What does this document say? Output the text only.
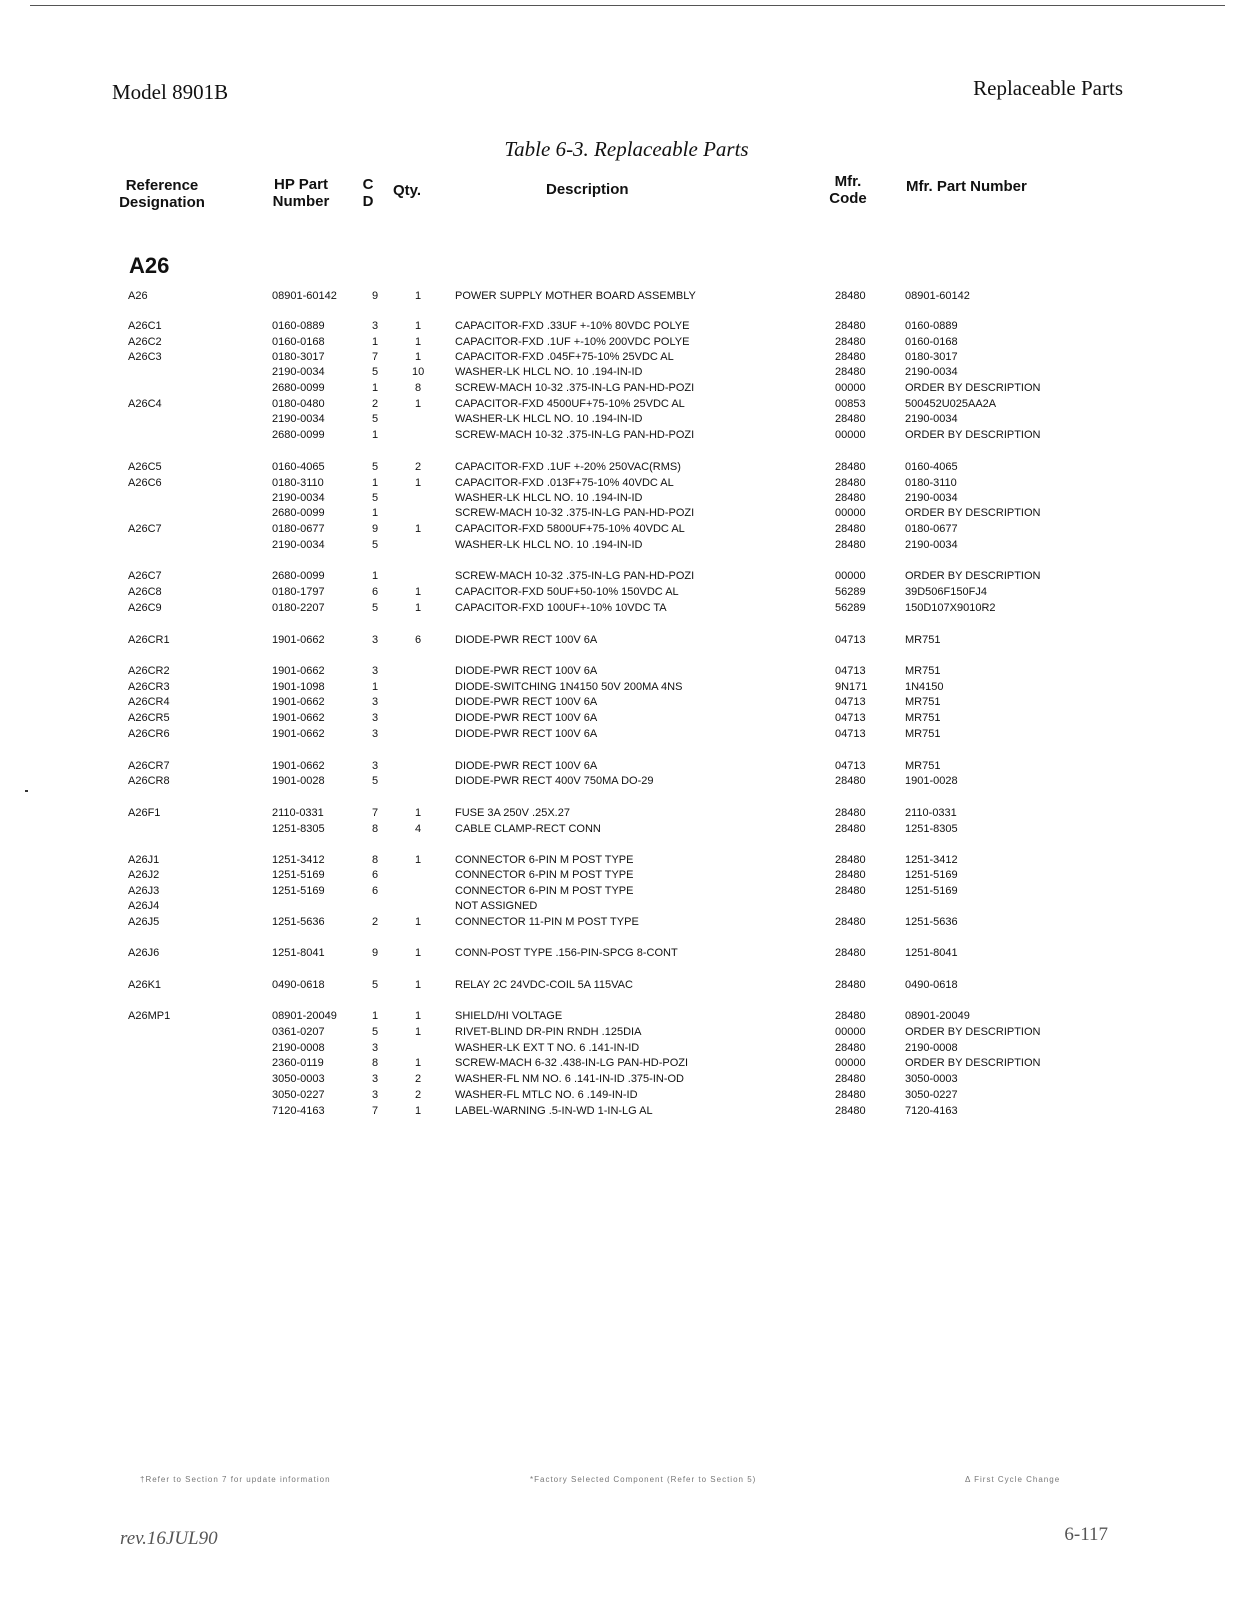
Model 8901B	Replaceable Parts
Table 6-3. Replaceable Parts
Reference
Designation
HP Part
Number
C
D
Qty.	Description	Mfr.
Code
Mfr. Part Number
A26
A26	08901-60142	9	1	POWER SUPPLY MOTHER BOARD ASSEMBLY	28480	08901-60142
A26C1	0160-0889	3	1	CAPACITOR-FXD .33UF +-10% 80VDC POLYE	28480	0160-0889
A26C2	0160-0168	1	1	CAPACITOR-FXD .1UF +-10% 200VDC POLYE	28480	0160-0168
A26C3	0180-3017	7	1	CAPACITOR-FXD .045F+75-10% 25VDC AL	28480	0180-3017
2190-0034	5	10	WASHER-LK HLCL NO. 10 .194-IN-ID	28480	2190-0034
2680-0099	1	8	SCREW-MACH 10-32 .375-IN-LG PAN-HD-POZI	00000	ORDER BY DESCRIPTION
A26C4	0180-0480	2	1	CAPACITOR-FXD 4500UF+75-10% 25VDC AL	00853	500452U025AA2A
2190-0034	5	WASHER-LK HLCL NO. 10 .194-IN-ID	28480	2190-0034
2680-0099	1	SCREW-MACH 10-32 .375-IN-LG PAN-HD-POZI	00000	ORDER BY DESCRIPTION
A26C5	0160-4065	5	2	CAPACITOR-FXD .1UF +-20% 250VAC(RMS)	28480	0160-4065
A26C6	0180-3110	1	1	CAPACITOR-FXD .013F+75-10% 40VDC AL	28480	0180-3110
2190-0034	5	WASHER-LK HLCL NO. 10 .194-IN-ID	28480	2190-0034
2680-0099	1	SCREW-MACH 10-32 .375-IN-LG PAN-HD-POZI	00000	ORDER BY DESCRIPTION
A26C7	0180-0677	9	1	CAPACITOR-FXD 5800UF+75-10% 40VDC AL	28480	0180-0677
2190-0034	5	WASHER-LK HLCL NO. 10 .194-IN-ID	28480	2190-0034
A26C7	2680-0099	1	SCREW-MACH 10-32 .375-IN-LG PAN-HD-POZI	00000	ORDER BY DESCRIPTION
A26C8	0180-1797	6	1	CAPACITOR-FXD 50UF+50-10% 150VDC AL	56289	39D506F150FJ4
A26C9	0180-2207	5	1	CAPACITOR-FXD 100UF+-10% 10VDC TA	56289	150D107X9010R2
A26CR1	1901-0662	3	6	DIODE-PWR RECT 100V 6A	04713	MR751
A26CR2	1901-0662	3	DIODE-PWR RECT 100V 6A	04713	MR751
A26CR3	1901-1098	1	DIODE-SWITCHING 1N4150 50V 200MA 4NS	9N171	1N4150
A26CR4	1901-0662	3	DIODE-PWR RECT 100V 6A	04713	MR751
A26CR5	1901-0662	3	DIODE-PWR RECT 100V 6A	04713	MR751
A26CR6	1901-0662	3	DIODE-PWR RECT 100V 6A	04713	MR751
A26CR7	1901-0662	3	DIODE-PWR RECT 100V 6A	04713	MR751
A26CR8	1901-0028	5	DIODE-PWR RECT 400V 750MA DO-29	28480	1901-0028
A26F1	2110-0331	7	1	FUSE 3A 250V .25X.27	28480	2110-0331
1251-8305	8	4	CABLE CLAMP-RECT CONN	28480	1251-8305
A26J1	1251-3412	8	1	CONNECTOR 6-PIN M POST TYPE	28480	1251-3412
A26J2	1251-5169	6	CONNECTOR 6-PIN M POST TYPE	28480	1251-5169
A26J3	1251-5169	6	CONNECTOR 6-PIN M POST TYPE	28480	1251-5169
A26J4	NOT ASSIGNED
A26J5	1251-5636	2	1	CONNECTOR 11-PIN M POST TYPE	28480	1251-5636
A26J6	1251-8041	9	1	CONN-POST TYPE .156-PIN-SPCG 8-CONT	28480	1251-8041
A26K1	0490-0618	5	1	RELAY 2C 24VDC-COIL 5A 115VAC	28480	0490-0618
A26MP1	08901-20049	1	1	SHIELD/HI VOLTAGE	28480	08901-20049
0361-0207	5	1	RIVET-BLIND DR-PIN RNDH .125DIA	00000	ORDER BY DESCRIPTION
2190-0008	3	WASHER-LK EXT T NO. 6 .141-IN-ID	28480	2190-0008
2360-0119	8	1	SCREW-MACH 6-32 .438-IN-LG PAN-HD-POZI	00000	ORDER BY DESCRIPTION
3050-0003	3	2	WASHER-FL NM NO. 6 .141-IN-ID .375-IN-OD	28480	3050-0003
3050-0227	3	2	WASHER-FL MTLC NO. 6 .149-IN-ID	28480	3050-0227
7120-4163	7	1	LABEL-WARNING .5-IN-WD 1-IN-LG AL	28480	7120-4163
†Refer to Section 7 for update information	*Factory Selected Component (Refer to Section 5)	Δ First Cycle Change
rev.16JUL90	6-117
